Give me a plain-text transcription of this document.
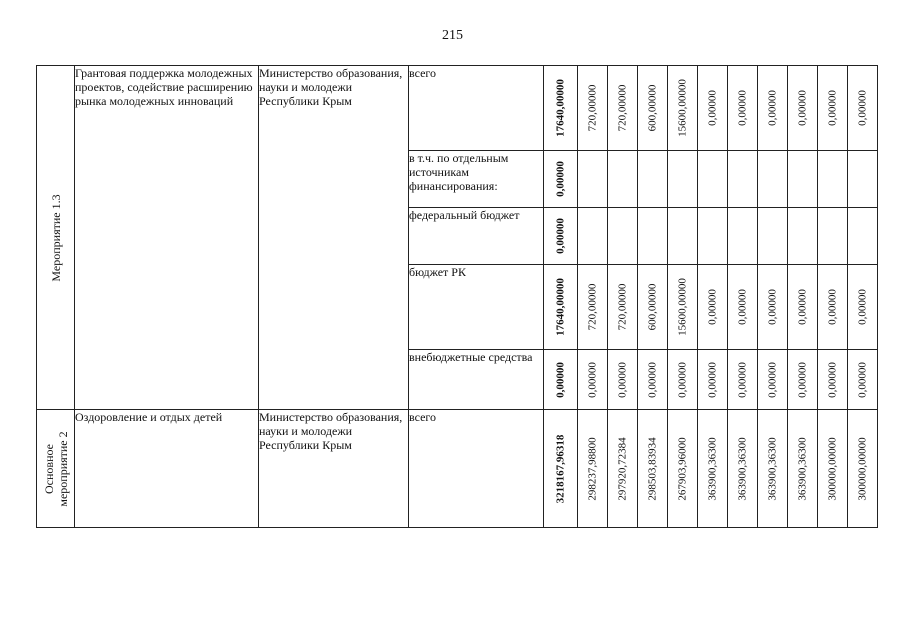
215
Мероприятие 1.3	Грантовая поддержка молодежных проектов, содействие расширению рынка молодежных инноваций	Министерство образования, науки и молодежи Республики Крым	всего	17640,00000	720,00000	720,00000	600,00000	15600,00000	0,00000	0,00000	0,00000	0,00000	0,00000	0,00000

			в т.ч. по отдельным источникам финансирования:	0,00000										

			федеральный бюджет	0,00000										

			бюджет РК	17640,00000	720,00000	720,00000	600,00000	15600,00000	0,00000	0,00000	0,00000	0,00000	0,00000	0,00000

			внебюджетные средства	0,00000	0,00000	0,00000	0,00000	0,00000	0,00000	0,00000	0,00000	0,00000	0,00000	0,00000

Основное
мероприятие 2	Оздоровление и отдых детей	Министерство образования, науки и молодежи Республики Крым	всего	3218167,96318	298237,98800	297920,72384	298503,83934	267903,96000	363900,36300	363900,36300	363900,36300	363900,36300	300000,00000	300000,00000
